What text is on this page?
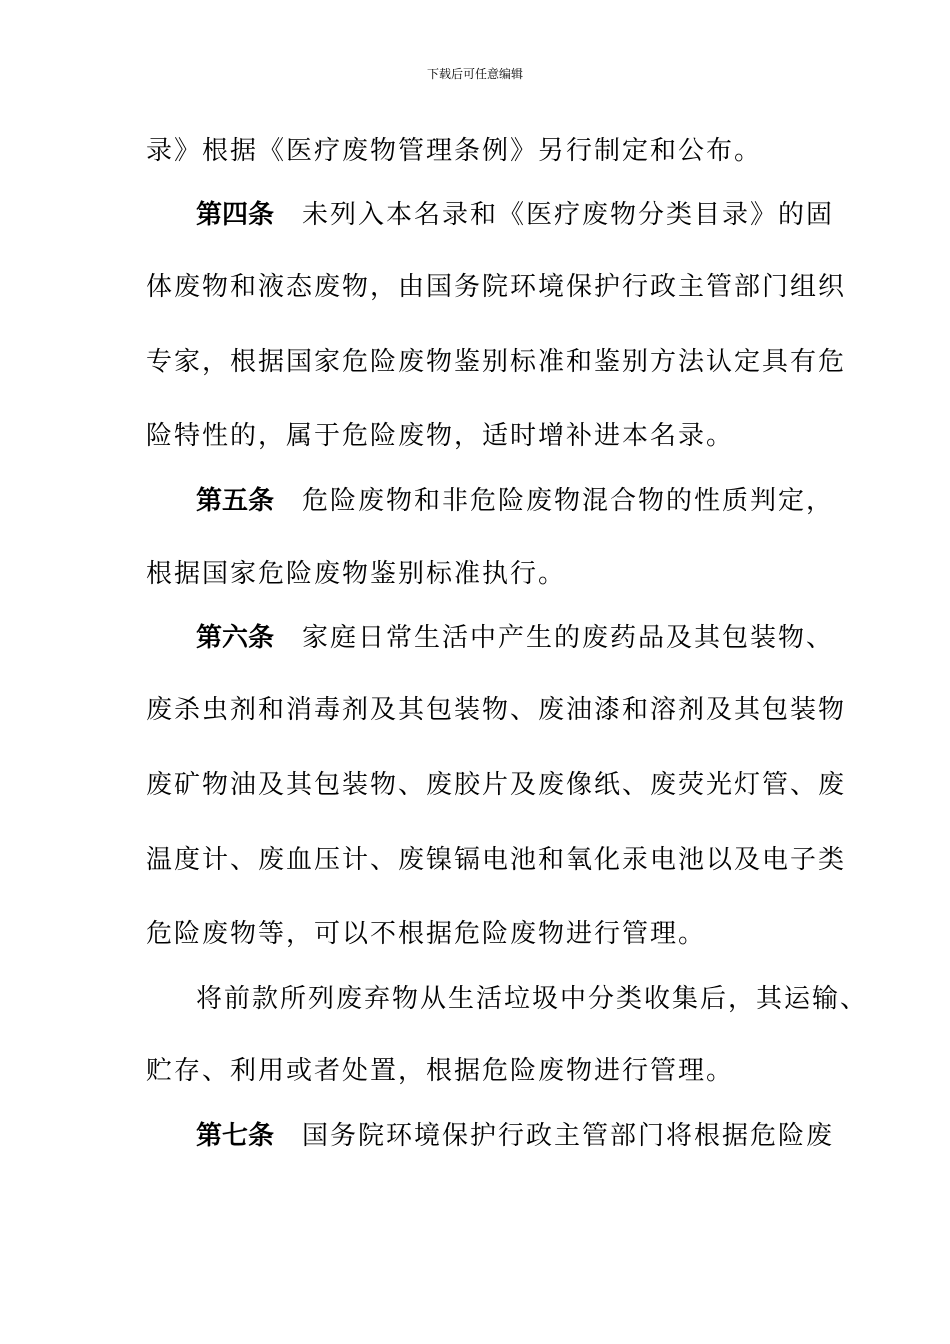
下载后可任意编辑
录》根据《医疗废物管理条例》另行制定和公布。
第四条 未列入本名录和《医疗废物分类目录》的固
体废物和液态废物，由国务院环境保护行政主管部门组织
专家，根据国家危险废物鉴别标准和鉴别方法认定具有危
险特性的，属于危险废物，适时增补进本名录。
第五条 危险废物和非危险废物混合物的性质判定，
根据国家危险废物鉴别标准执行。
第六条 家庭日常生活中产生的废药品及其包装物、
废杀虫剂和消毒剂及其包装物、废油漆和溶剂及其包装物
废矿物油及其包装物、废胶片及废像纸、废荧光灯管、废
温度计、废血压计、废镍镉电池和氧化汞电池以及电子类
危险废物等，可以不根据危险废物进行管理。
将前款所列废弃物从生活垃圾中分类收集后，其运输、
贮存、利用或者处置，根据危险废物进行管理。
第七条 国务院环境保护行政主管部门将根据危险废
